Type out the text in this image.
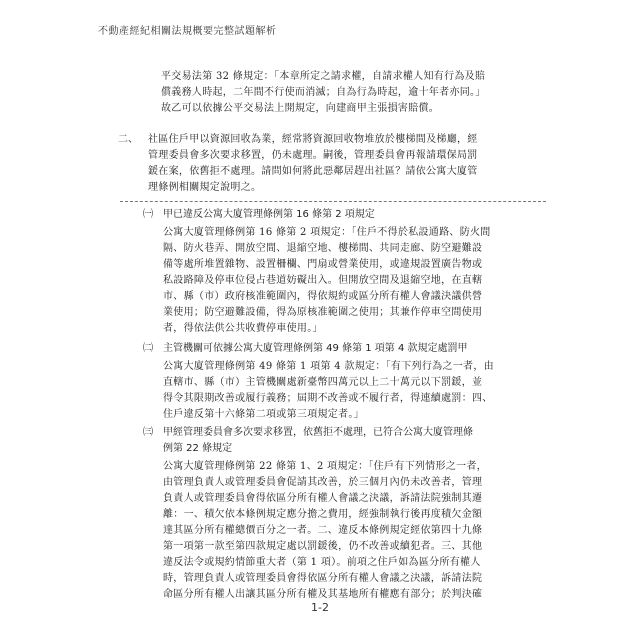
不動產經紀相關法規概要完整試題解析
平交易法第 32 條規定：「本章所定之請求權，自請求權人知有行為及賠
償義務人時起，二年間不行使而消滅；自為行為時起，逾十年者亦同。」
故乙可以依據公平交易法上開規定，向建商甲主張損害賠償。
二、 社區住戶甲以資源回收為業，經常將資源回收物堆放於樓梯間及梯廳，經
管理委員會多次要求移置，仍未處理。嗣後，管理委員會再報請環保局罰
鍰在案，依舊拒不處理。請問如何將此惡鄰居趕出社區？請依公寓大廈管
理條例相關規定說明之。
㈠ 甲已違反公寓大廈管理條例第 16 條第 2 項規定
公寓大廈管理條例第 16 條第 2 項規定：「住戶不得於私設通路、防火間
隔、防火巷弄、開放空間、退縮空地、樓梯間、共同走廊、防空避難設
備等處所堆置雜物、設置柵欄、門扇或營業使用，或違規設置廣告物或
私設路障及停車位侵占巷道妨礙出入。但開放空間及退縮空地，在直轄
市、縣（市）政府核准範圍內，得依規約或區分所有權人會議決議供營
業使用；防空避難設備，得為原核准範圍之使用；其兼作停車空間使用
者，得依法供公共收費停車使用。」
㈡ 主管機關可依據公寓大廈管理條例第 49 條第 1 項第 4 款規定處罰甲
公寓大廈管理條例第 49 條第 1 項第 4 款規定：「有下列行為之一者，由
直轄市、縣（市）主管機關處新臺幣四萬元以上二十萬元以下罰鍰，並
得令其限期改善或履行義務；屆期不改善或不履行者，得連續處罰：四、
住戶違反第十六條第二項或第三項規定者。」
㈢ 甲經管理委員會多次要求移置，依舊拒不處理，已符合公寓大廈管理條
例第 22 條規定
公寓大廈管理條例第 22 條第 1、2 項規定：「住戶有下列情形之一者，
由管理負責人或管理委員會促請其改善，於三個月內仍未改善者，管理
負責人或管理委員會得依區分所有權人會議之決議，訴請法院強制其遷
離：一、積欠依本條例規定應分擔之費用，經強制執行後再度積欠金額
達其區分所有權總價百分之一者。二、違反本條例規定經依第四十九條
第一項第一款至第四款規定處以罰鍰後，仍不改善或續犯者。三、其他
違反法令或規約情節重大者（第 1 項）。前項之住戶如為區分所有權人
時，管理負責人或管理委員會得依區分所有權人會議之決議，訴請法院
命區分所有權人出讓其區分所有權及其基地所有權應有部分；於判決確
1-2
